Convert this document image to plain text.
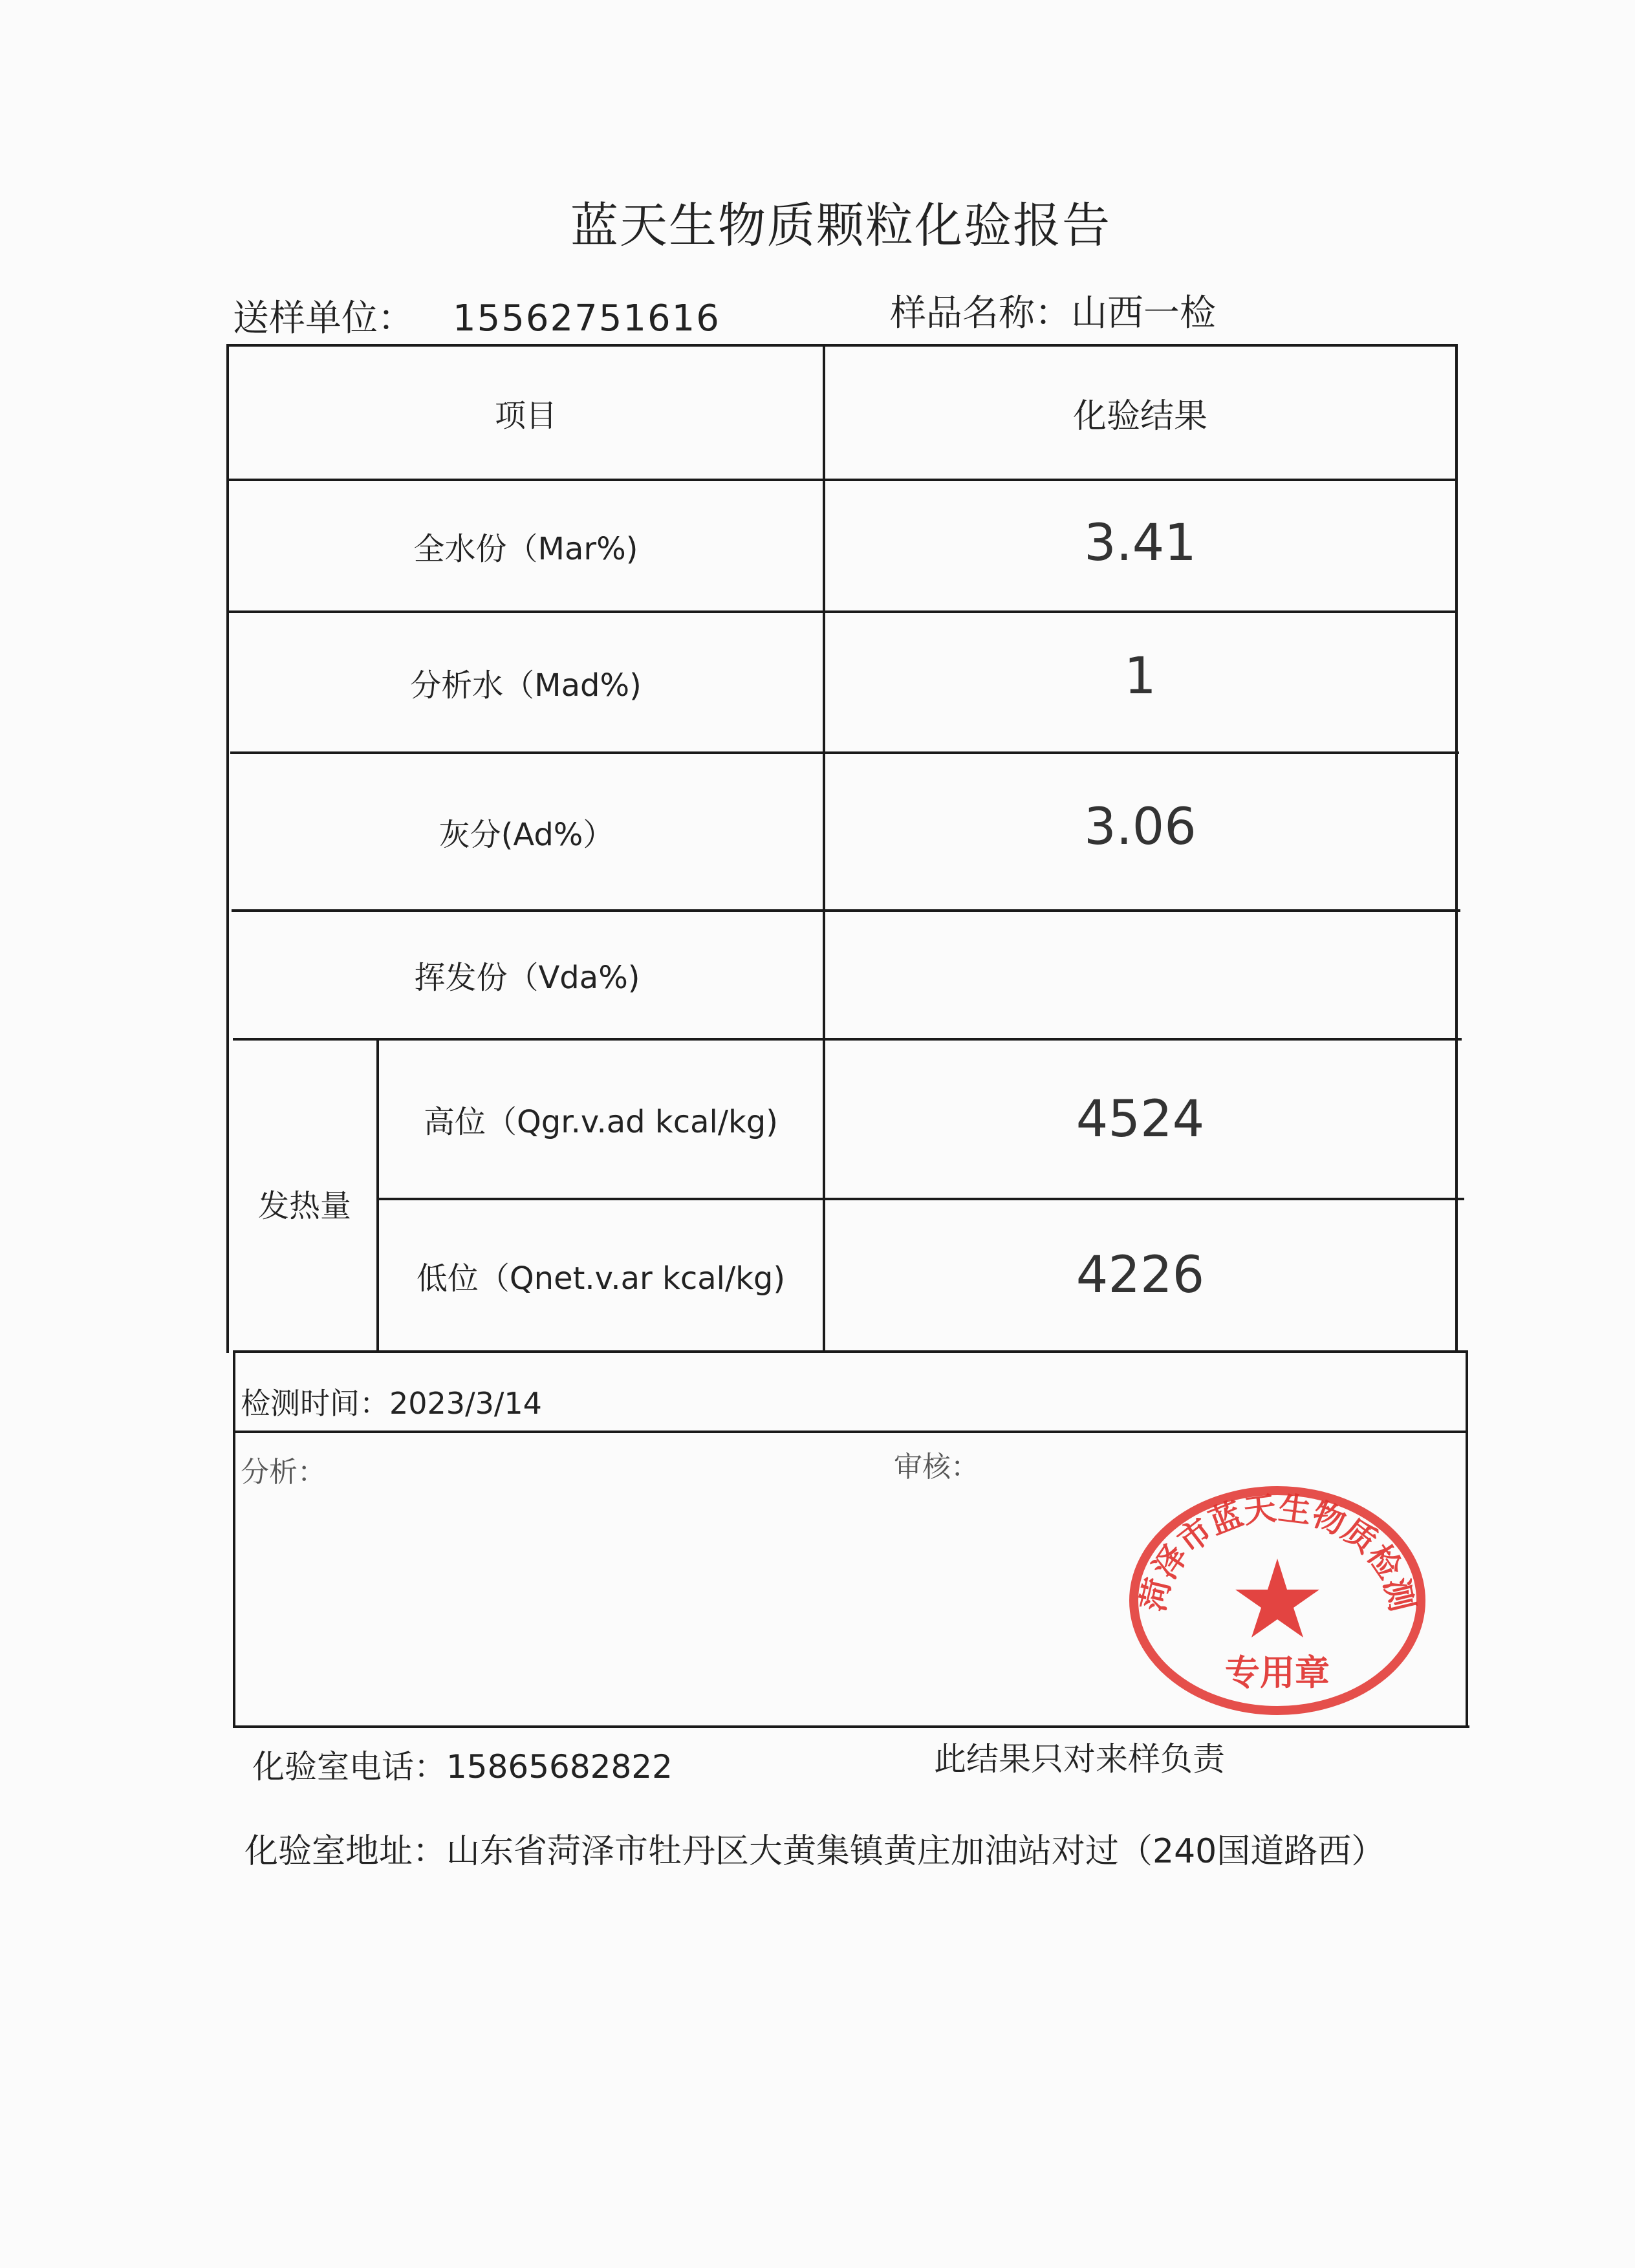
蓝天生物质颗粒化验报告
送样单位： 15562751616	样品名称：山西一检
项目	化验结果
全水份（Mar%)	3.41
分析水（Mad%)	1
灰分(Ad%）	3.06
挥发份（Vda%)
发热量
高位（Qgr.v.ad kcal/kg)	4524
低位（Qnet.v.ar kcal/kg)	4226
检测时间：2023/3/14
分析：	审核：
菏泽市蓝天生物质检测
专用章
化验室电话：15865682822	此结果只对来样负责
化验室地址：山东省菏泽市牡丹区大黄集镇黄庄加油站对过（240国道路西）
